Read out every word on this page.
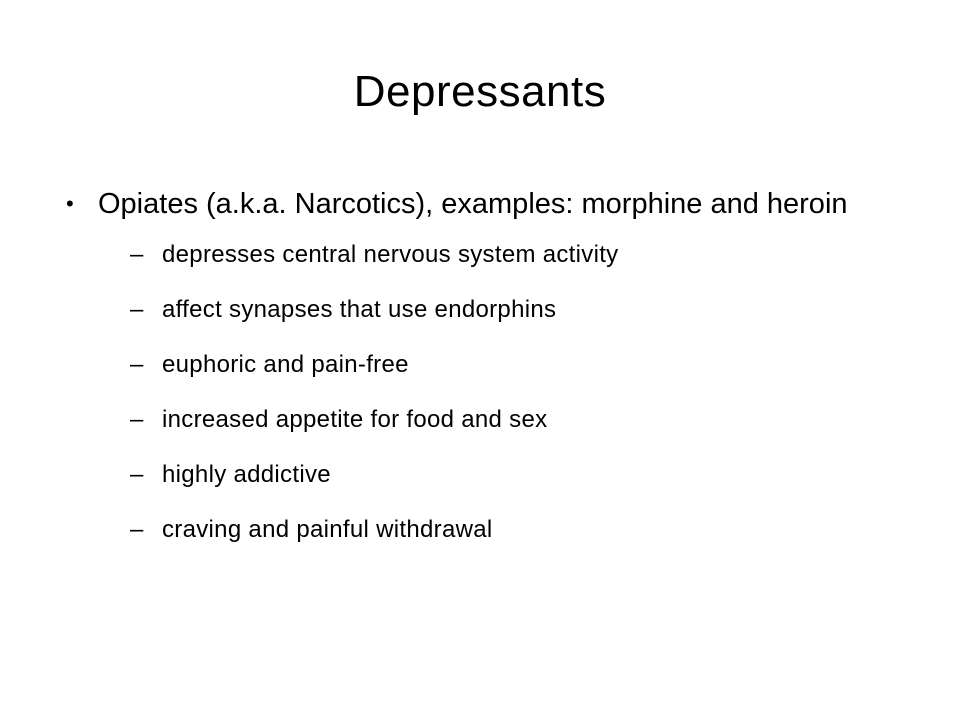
Depressants
• Opiates (a.k.a. Narcotics), examples: morphine and heroin
– depresses central nervous system activity
– affect synapses that use endorphins
– euphoric and pain-free
– increased appetite for food and sex
– highly addictive
– craving and painful withdrawal
